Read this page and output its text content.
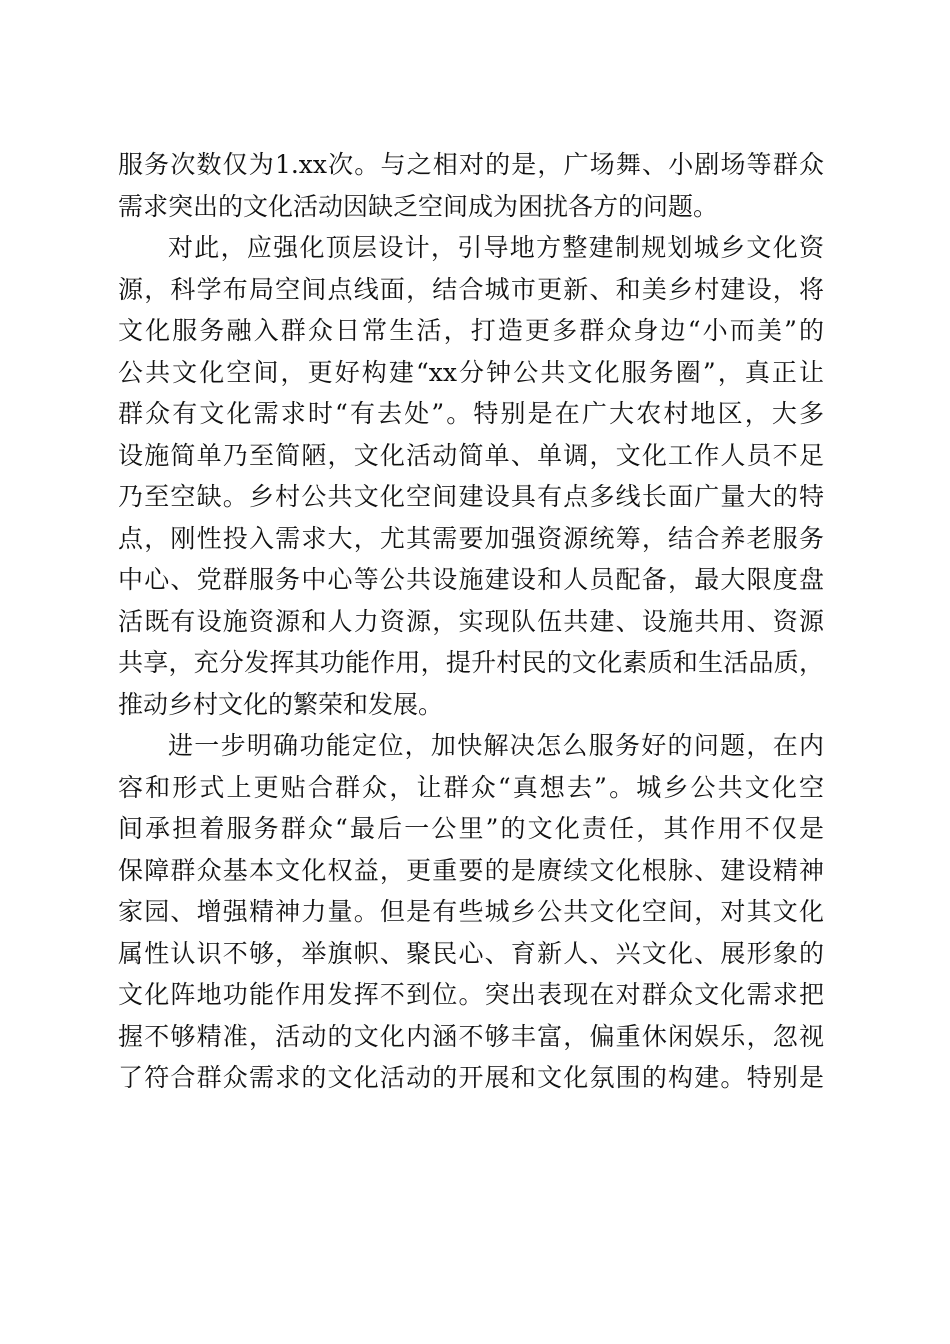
服务次数仅为1.xx次。与之相对的是，广场舞、小剧场等群众
需求突出的文化活动因缺乏空间成为困扰各方的问题。
对此，应强化顶层设计，引导地方整建制规划城乡文化资
源，科学布局空间点线面，结合城市更新、和美乡村建设，将
文化服务融入群众日常生活，打造更多群众身边“小而美”的
公共文化空间，更好构建“xx分钟公共文化服务圈”，真正让
群众有文化需求时“有去处”。特别是在广大农村地区，大多
设施简单乃至简陋，文化活动简单、单调，文化工作人员不足
乃至空缺。乡村公共文化空间建设具有点多线长面广量大的特
点，刚性投入需求大，尤其需要加强资源统筹，结合养老服务
中心、党群服务中心等公共设施建设和人员配备，最大限度盘
活既有设施资源和人力资源，实现队伍共建、设施共用、资源
共享，充分发挥其功能作用，提升村民的文化素质和生活品质，
推动乡村文化的繁荣和发展。
进一步明确功能定位，加快解决怎么服务好的问题，在内
容和形式上更贴合群众，让群众“真想去”。城乡公共文化空
间承担着服务群众“最后一公里”的文化责任，其作用不仅是
保障群众基本文化权益，更重要的是赓续文化根脉、建设精神
家园、增强精神力量。但是有些城乡公共文化空间，对其文化
属性认识不够，举旗帜、聚民心、育新人、兴文化、展形象的
文化阵地功能作用发挥不到位。突出表现在对群众文化需求把
握不够精准，活动的文化内涵不够丰富，偏重休闲娱乐，忽视
了符合群众需求的文化活动的开展和文化氛围的构建。特别是
